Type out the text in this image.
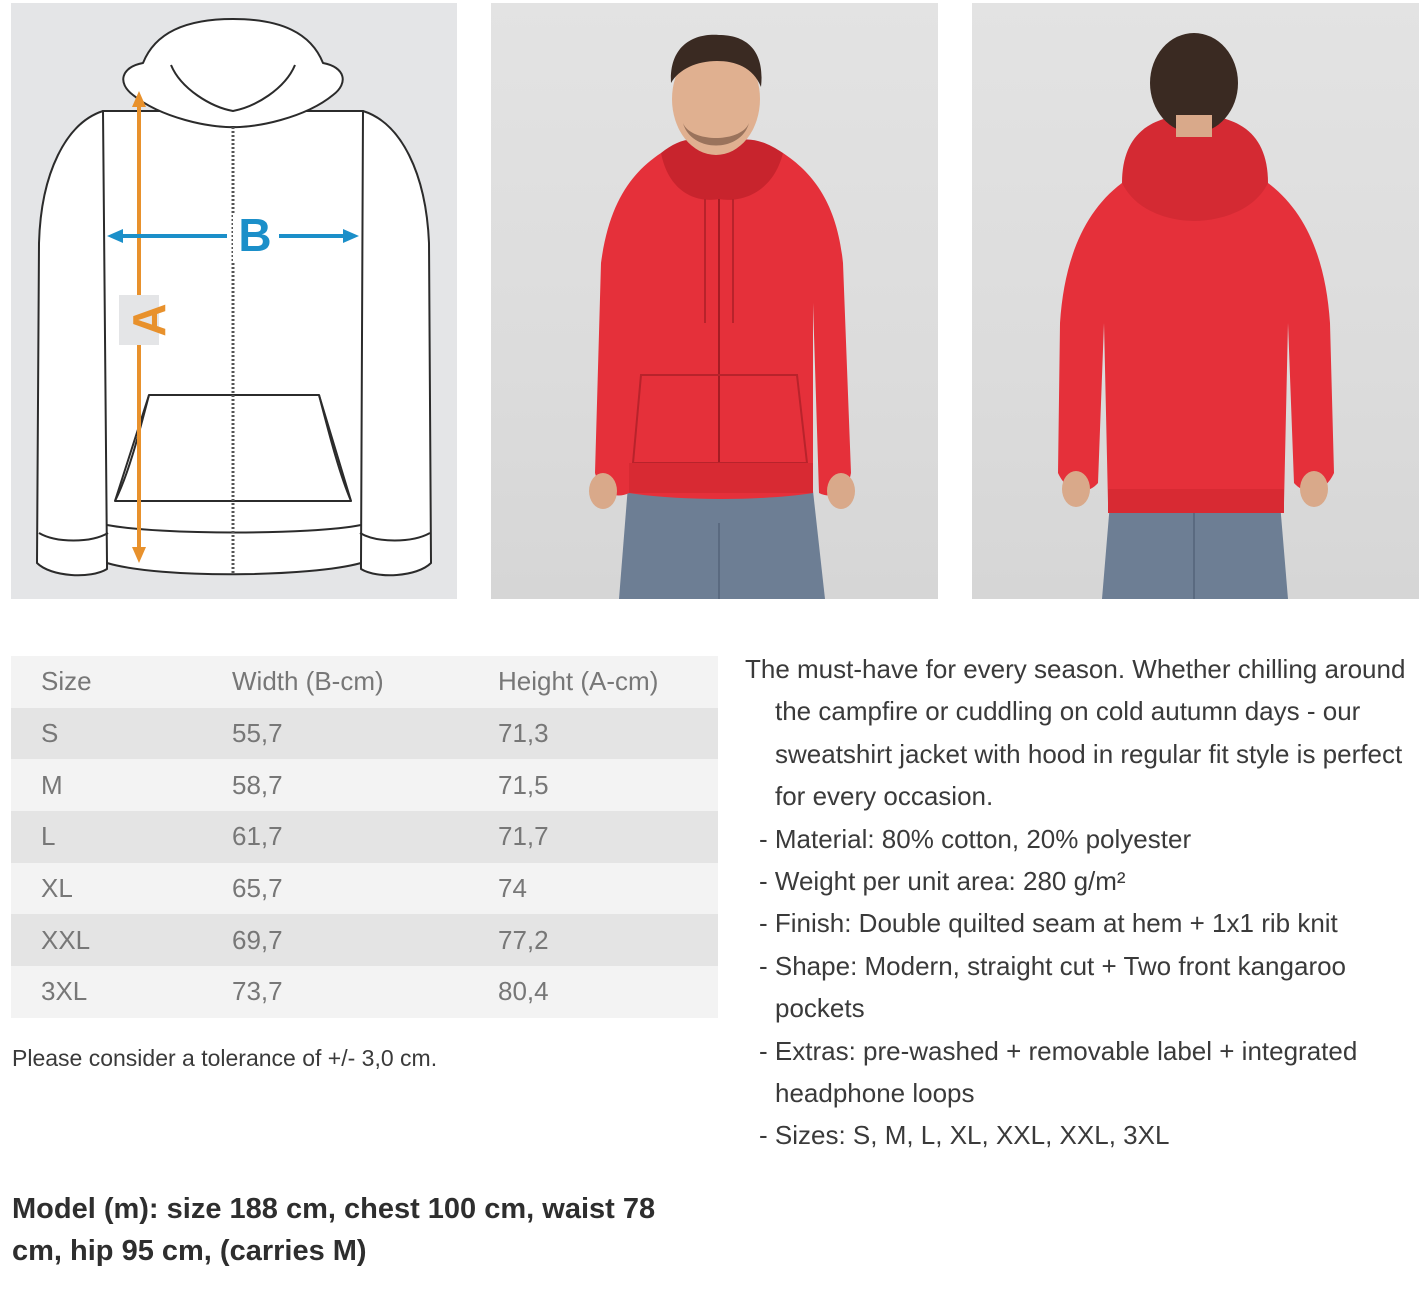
A
B
Size	Width (B-cm)	Height (A-cm)
S	55,7	71,3
M	58,7	71,5
L	61,7	71,7
XL	65,7	74
XXL	69,7	77,2
3XL	73,7	80,4
Please consider a tolerance of +/- 3,0 cm.
Model (m): size 188 cm, chest 100 cm, waist 78 cm, hip 95 cm, (carries M)

The must-have for every season. Whether chilling around the campfire or cuddling on cold autumn days - our sweatshirt jacket with hood in regular fit style is perfect for every occasion.

- Material: 80% cotton, 20% polyester
- Weight per unit area: 280 g/m²
- Finish: Double quilted seam at hem + 1x1 rib knit
- Shape: Modern, straight cut + Two front kangaroo pockets
- Extras: pre-washed + removable label + integrated headphone loops
- Sizes: S, M, L, XL, XXL, XXL, 3XL
